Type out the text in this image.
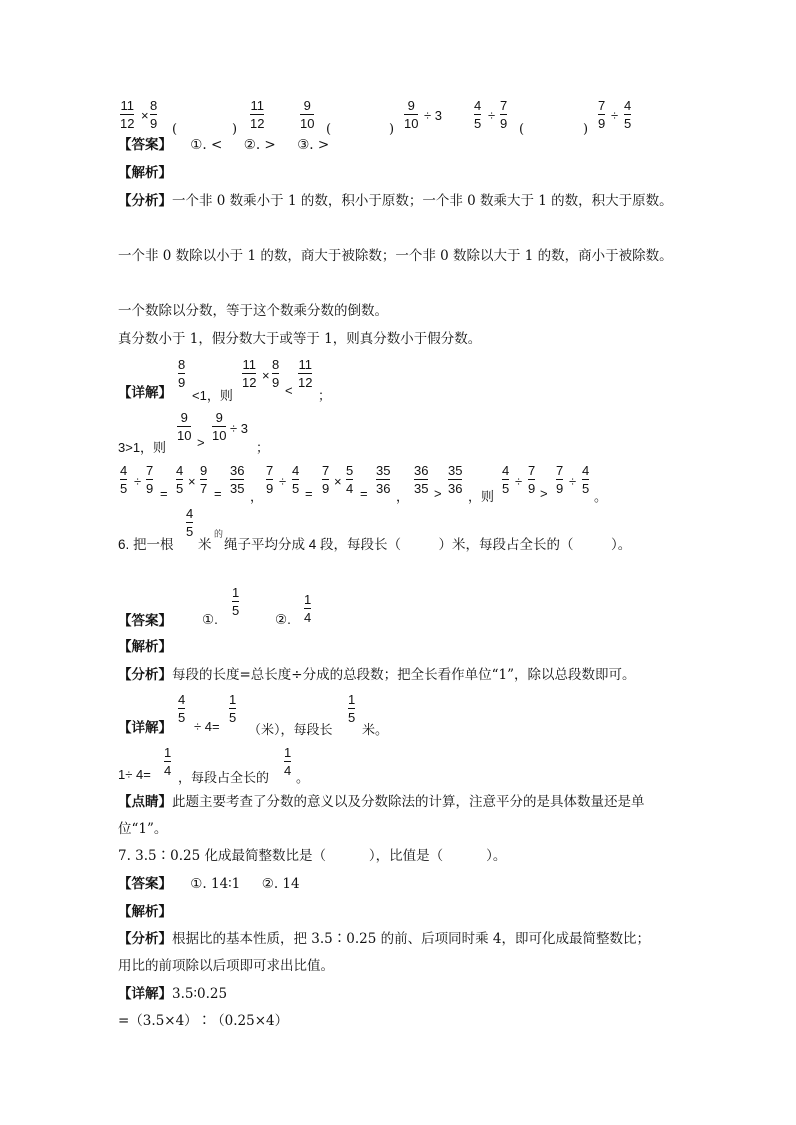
11
12
×
8
9 (	)
11
12
9
10 (	)
9
10
÷ 3
4
5
÷
7
9 (	)
7
9
÷
4
5
【答案】 ①. <     ②. >     ③. >
【解析】
【分析】一个非 0 数乘小于 1 的数，积小于原数；一个非 0 数乘大于 1 的数，积大于原数。
一个非 0 数除以小于 1 的数，商大于被除数；一个非 0 数除以大于 1 的数，商小于被除数。
一个数除以分数，等于这个数乘分数的倒数。
真分数小于 1，假分数大于或等于 1，则真分数小于假分数。
【详解】
8
9
<1，则
11
12 ×
8
9
<
11
12
；
3>1，则
9
10 >
9
10 ÷ 3
；
4
5 ÷
7
9 =
4
5 ×
9
7 =
36
35
，
7
9 ÷
4
5 =
7
9 ×
5
4 =
35
36
，
36
35 >
35
36
，则
4
5 ÷
7
9 >
7
9 ÷
4
5
。
6. 把一根
4
5
米
的
绳子平均分成 4 段，每段长（          ）米，每段占全长的（          ）。
【答案】 ①.
1
5
②.
1
4
【解析】
【分析】每段的长度=总长度÷分成的总段数；把全长看作单位“1”，除以总段数即可。
【详解】
4
5
÷ 4=
1
5
（米），每段长
1
5
米。
1÷ 4=
1
4 ，每段占全长的
1
4 。
【点睛】此题主要考查了分数的意义以及分数除法的计算，注意平分的是具体数量还是单
位“1”。
7. 3.5∶0.25 化成最简整数比是（          ），比值是（          ）。
【答案】 ①. 14∶1     ②. 14
【解析】
【分析】根据比的基本性质，把 3.5∶0.25 的前、后项同时乘 4，即可化成最简整数比；
用比的前项除以后项即可求出比值。
【详解】3.5∶0.25
=（3.5×4）∶（0.25×4）
